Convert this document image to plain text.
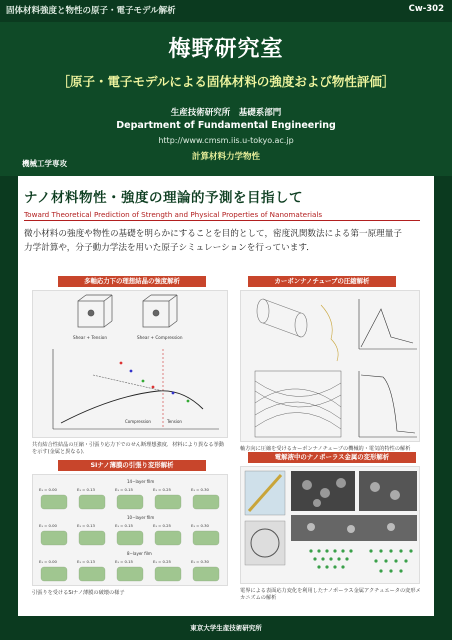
固体材料強度と物性の原子・電子モデル解析	Cw-302
梅野研究室
［原子・電子モデルによる固体材料の強度および物性評価］
生産技術研究所　基礎系部門
Department of Fundamental Engineering
http://www.cmsm.iis.u-tokyo.ac.jp
計算材料力学物性
機械工学専攻
ナノ材料物性・強度の理論的予測を目指して
Toward Theoretical Prediction of Strength and Physical Properties of Nanomaterials
微小材料の強度や物性の基礎を明らかにすることを目的として，密度汎関数法による第一原理量子力学計算や，分子動力学法を用いた原子シミュレーションを行っています．
多軸応力下の理想結晶の強度解析
Shear + Tension	Shear + Compression
Compression	Tension
共有結合性結晶の圧縮・引張り応力下でのせん断理想強度．材料により異なる挙動を示す(金属と異なる)．
カーボンナノチューブの圧縮解析
軸方向に圧縮を受けるカーボンナノチューブの機械的・電気的特性の解析
Siナノ薄膜の引張り変形解析
14−layer film
10−layer film
8−layer film
E₁ = 0.00	E₁ = 0.13	E₁ = 0.15	E₁ = 0.25	E₁ = 0.30
E₁ = 0.00	E₁ = 0.13	E₁ = 0.15	E₁ = 0.25	E₁ = 0.30
E₁ = 0.00	E₁ = 0.13	E₁ = 0.15	E₁ = 0.25	E₁ = 0.30
引張りを受けるSiナノ薄膜の破壊の様子
電解液中のナノポーラス金属の変形解析
電界による表面応力変化を利用したナノポーラス金属アクチュエータの変形メカニズムの解析
東京大学生産技術研究所
